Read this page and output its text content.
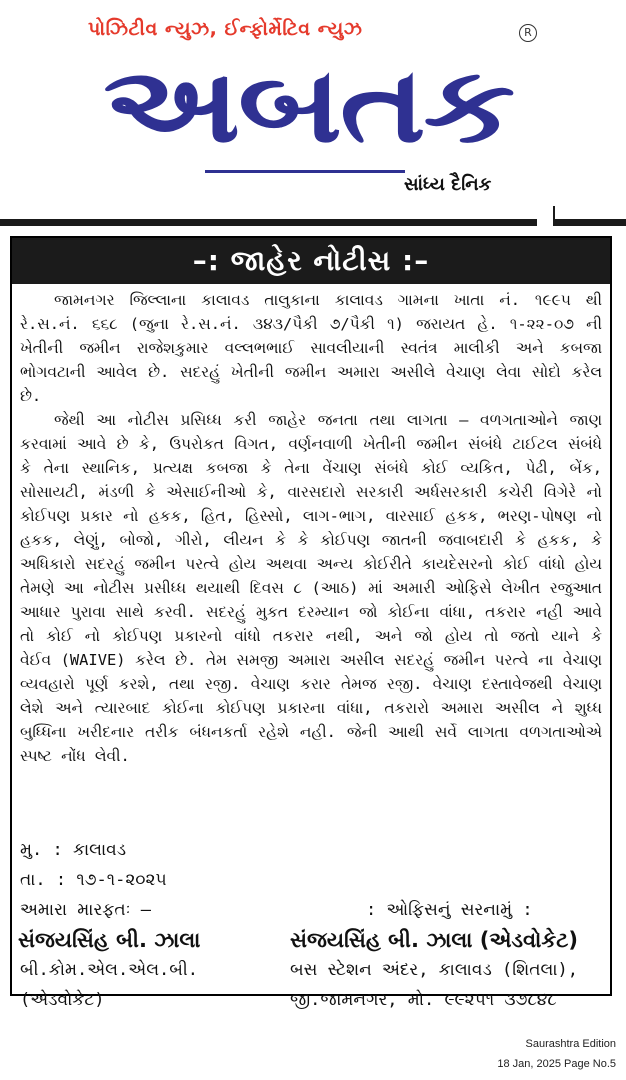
પોઝિટીવ ન્યુઝ, ઈન્ફોર્મેટિવ ન્યુઝ	R
અબતક
સાંધ્ય દૈનિક
–: જાહેર નોટીસ :–

જામનગર જિલ્લાના કાલાવડ તાલુકાના કાલાવડ ગામના ખાતા નં. ૧૯૯૫ થી રે.સ.નં. ૬૬૮ (જુના રે.સ.નં. ૩૪૩/પૈકી ૭/પૈકી ૧) જરાયત હે. ૧-૨૨-૦૭ ની ખેતીની જમીન રાજેશકુમાર વલ્લભભાઈ સાવલીયાની સ્વતંત્ર માલીકી અને કબજા ભોગવટાની આવેલ છે. સદરહું ખેતીની જમીન અમારા અસીલે વેચાણ લેવા સોદો કરેલ છે.

જેથી આ નોટીસ પ્રસિધ્ધ કરી જાહેર જનતા તથા લાગતા – વળગતાઓને જાણ કરવામાં આવે છે કે, ઉપરોકત વિગત, વર્ણનવાળી ખેતીની જમીન સંબંધે ટાઈટલ સંબંધે કે તેના સ્થાનિક, પ્રત્યક્ષ કબજા કે તેના વેંચાણ સંબંધે કોઈ વ્યકિત, પેઢી, બેંક, સોસાયટી, મંડળી કે એસાઈનીઓ કે, વારસદારો સરકારી અર્ધસરકારી કચેરી વિગેરે નો કોઈપણ પ્રકાર નો હકક, હિત, હિસ્સો, લાગ-ભાગ, વારસાઈ હકક, ભરણ-પોષણ નો હકક, લેણું, બોજો, ગીરો, લીયન કે કે કોઈપણ જાતની જવાબદારી કે હકક, કે અધિકારો સદરહું જમીન પરત્વે હોય અથવા અન્ય કોઈરીતે કાયદેસરનો કોઈ વાંધો હોય તેમણે આ નોટીસ પ્રસીધ્ધ થયાથી દિવસ ૮ (આઠ) માં અમારી ઓફિસે લેખીત રજુઆત આધાર પુરાવા સાથે કરવી. સદરહું મુકત દરમ્યાન જો કોઈના વાંધા, તકરાર નહી આવે તો કોઈ નો કોઈપણ પ્રકારનો વાંધો તકરાર નથી, અને જો હોય તો જતો યાને કે વેઈવ (WAIVE) કરેલ છે. તેમ સમજી અમારા અસીલ સદરહું જમીન પરત્વે ના વેચાણ વ્યવહારો પૂર્ણ કરશે, તથા રજી. વેચાણ કરાર તેમજ રજી. વેચાણ દસ્તાવેજથી વેચાણ લેશે અને ત્યારબાદ કોઈના કોઈપણ પ્રકારના વાંધા, તકરારો અમારા અસીલ ને શુધ્ધ બુધ્ધિના ખરીદનાર તરીક બંધનકર્તા રહેશે નહી. જેની આથી સર્વે લાગતા વળગતાઓએ સ્પષ્ટ નોંધ લેવી.

મુ. : કાલાવડ
તા. : ૧૭-૧-૨૦૨૫
અમારા મારફતઃ –	: ઓફિસનું સરનામું :
સંજયસિંહ બી. ઝાલા	સંજયસિંહ બી. ઝાલા (એડવોકેટ)
બી.કોમ.એલ.એલ.બી.	બસ સ્ટેશન અંદર, કાલાવડ (શિતલા),
(એડવોકેટ)	જી.જામનગર, મો. ૯૯૨૫૧ ૩૭૮૪૮
Saurashtra Edition
18 Jan, 2025 Page No.5
